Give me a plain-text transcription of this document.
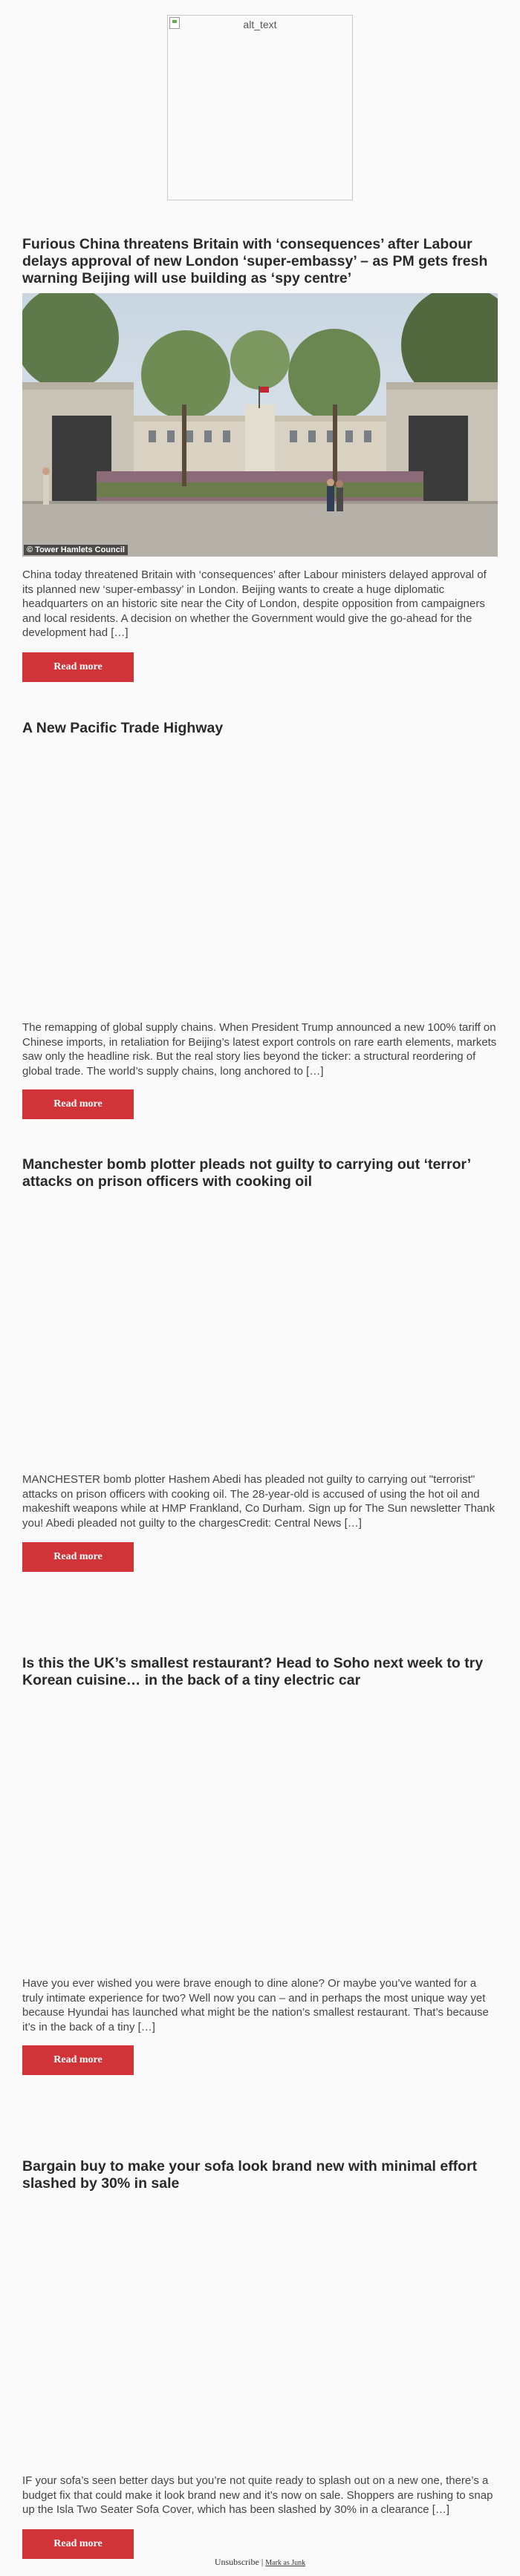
alt_text
Furious China threatens Britain with ‘consequences’ after Labour delays approval of new London ‘super-embassy’ – as PM gets fresh warning Beijing will use building as ‘spy centre’
© Tower Hamlets Council

China today threatened Britain with ‘consequences’ after Labour ministers delayed approval of its planned new ‘super-embassy’ in London. Beijing wants to create a huge diplomatic headquarters on an historic site near the City of London, despite opposition from campaigners and local residents. A decision on whether the Government would give the go-ahead for the development had […]

Read more
A New Pacific Trade Highway

The remapping of global supply chains. When President Trump announced a new 100% tariff on Chinese imports, in retaliation for Beijing’s latest export controls on rare earth elements, markets saw only the headline risk. But the real story lies beyond the ticker: a structural reordering of global trade. The world’s supply chains, long anchored to […]

Read more
Manchester bomb plotter pleads not guilty to carrying out ‘terror’ attacks on prison officers with cooking oil

MANCHESTER bomb plotter Hashem Abedi has pleaded not guilty to carrying out "terrorist" attacks on prison officers with cooking oil. The 28-year-old is accused of using the hot oil and makeshift weapons while at HMP Frankland, Co Durham. Sign up for The Sun newsletter Thank you! Abedi pleaded not guilty to the chargesCredit: Central News […]

Read more
Is this the UK’s smallest restaurant? Head to Soho next week to try Korean cuisine… in the back of a tiny electric car

Have you ever wished you were brave enough to dine alone? Or maybe you’ve wanted for a truly intimate experience for two? Well now you can – and in perhaps the most unique way yet because Hyundai has launched what might be the nation’s smallest restaurant. That’s because it’s in the back of a tiny […]

Read more
Bargain buy to make your sofa look brand new with minimal effort slashed by 30% in sale

IF your sofa’s seen better days but you’re not quite ready to splash out on a new one, there’s a budget fix that could make it look brand new and it’s now on sale. Shoppers are rushing to snap up the Isla Two Seater Sofa Cover, which has been slashed by 30% in a clearance […]

Read more
Unsubscribe | Mark as Junk
